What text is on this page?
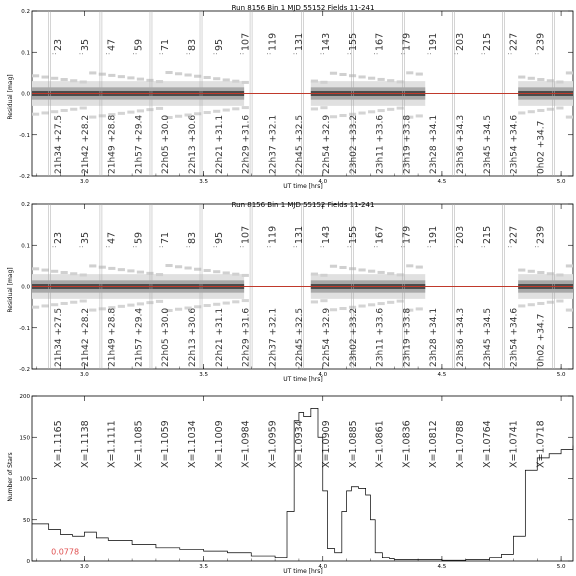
Run 8156 Bin 1 MJD 55152 Fields 11-241
3.0	3.5	4.0	4.5	5.0
-0.2
-0.1
0.0
0.1
0.2
23
:
35
:
47
:
59
:
71
:
83
:
95
:
107
:
119
:
131
:
143
:
155
:
167
:
179
:
191
:
203
:
215
:
227
:
239
:
21h34 +27.5 21h42 +28.2 21h49 +28.8 21h57 +29.4 22h05 +30.0 22h13 +30.6 22h21 +31.1 22h29 +31.6 22h37 +32.1 22h45 +32.5 22h54 +32.9 23h02 +33.2 23h11 +33.6 23h19 +33.8 23h28 +34.1 23h36 +34.3 23h45 +34.5 23h54 +34.6 0h02 +34.7
UT time [hrs]
Residual [mag]
Run 8156 Bin 1 MJD 55152 Fields 11-241
3.0	3.5	4.0	4.5	5.0
-0.2
-0.1
0.0
0.1
0.2
23
:
35
:
47
:
59
:
71
:
83
:
95
:
107
:
119
:
131
:
143
:
155
:
167
:
179
:
191
:
203
:
215
:
227
:
239
:
21h34 +27.5 21h42 +28.2 21h49 +28.8 21h57 +29.4 22h05 +30.0 22h13 +30.6 22h21 +31.1 22h29 +31.6 22h37 +32.1 22h45 +32.5 22h54 +32.9 23h02 +33.2 23h11 +33.6 23h19 +33.8 23h28 +34.1 23h36 +34.3 23h45 +34.5 23h54 +34.6 0h02 +34.7
UT time [hrs]
Residual [mag]
3.0	3.5	4.0	4.5	5.0
0
50
100
150
200
X=1.1165 X=1.1138 X=1.1111 X=1.1085 X=1.1059 X=1.1034 X=1.1009 X=1.0984 X=1.0959 X=1.0934 X=1.0909 X=1.0885 X=1.0861 X=1.0836 X=1.0812 X=1.0788 X=1.0764 X=1.0741 X=1.0718
0.0778
UT time [hrs]
Number of Stars
